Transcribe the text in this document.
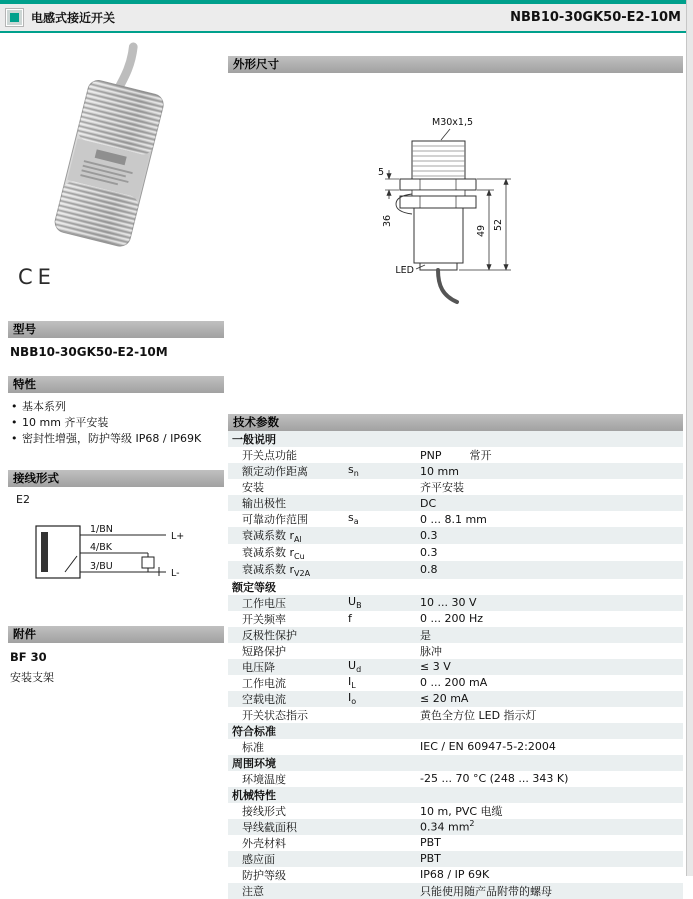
电感式接近开关	NBB10-30GK50-E2-10M
CE
型号
NBB10-30GK50-E2-10M
特性
• 基本系列
• 10 mm 齐平安装
• 密封性增强，防护等级 IP68 / IP69K
接线形式
E2
1/BN
4/BK
3/BU
L+
L-
附件
BF 30
安装支架
外形尺寸
M30x1,5
5
36
49 52
LED
技术参数
一般说明		
开关点功能		PNP 常开
额定动作距离	$s_n$	10 mm
安装		齐平安装
输出极性		DC
可靠动作范围	$s_a$	0 ... 8.1 mm
衰减系数 $r_{Al}$		0.3
衰减系数 $r_{Cu}$		0.3
衰减系数 $r_{V2A}$		0.8
额定等级		
工作电压	$U_B$	10 ... 30 V
开关频率	f	0 ... 200 Hz
反极性保护		是
短路保护		脉冲
电压降	$U_d$	≤ 3 V
工作电流	$I_L$	0 ... 200 mA
空载电流	$I_o$	≤ 20 mA
开关状态指示		黄色全方位 LED 指示灯
符合标准		
标准		IEC / EN 60947-5-2:2004
周围环境		
环境温度		-25 ... 70 °C (248 ... 343 K)
机械特性		
接线形式		10 m, PVC 电缆
导线截面积		0.34 $mm^2$
外壳材料		PBT
感应面		PBT
防护等级		IP68 / IP 69K
注意		只能使用随产品附带的螺母
